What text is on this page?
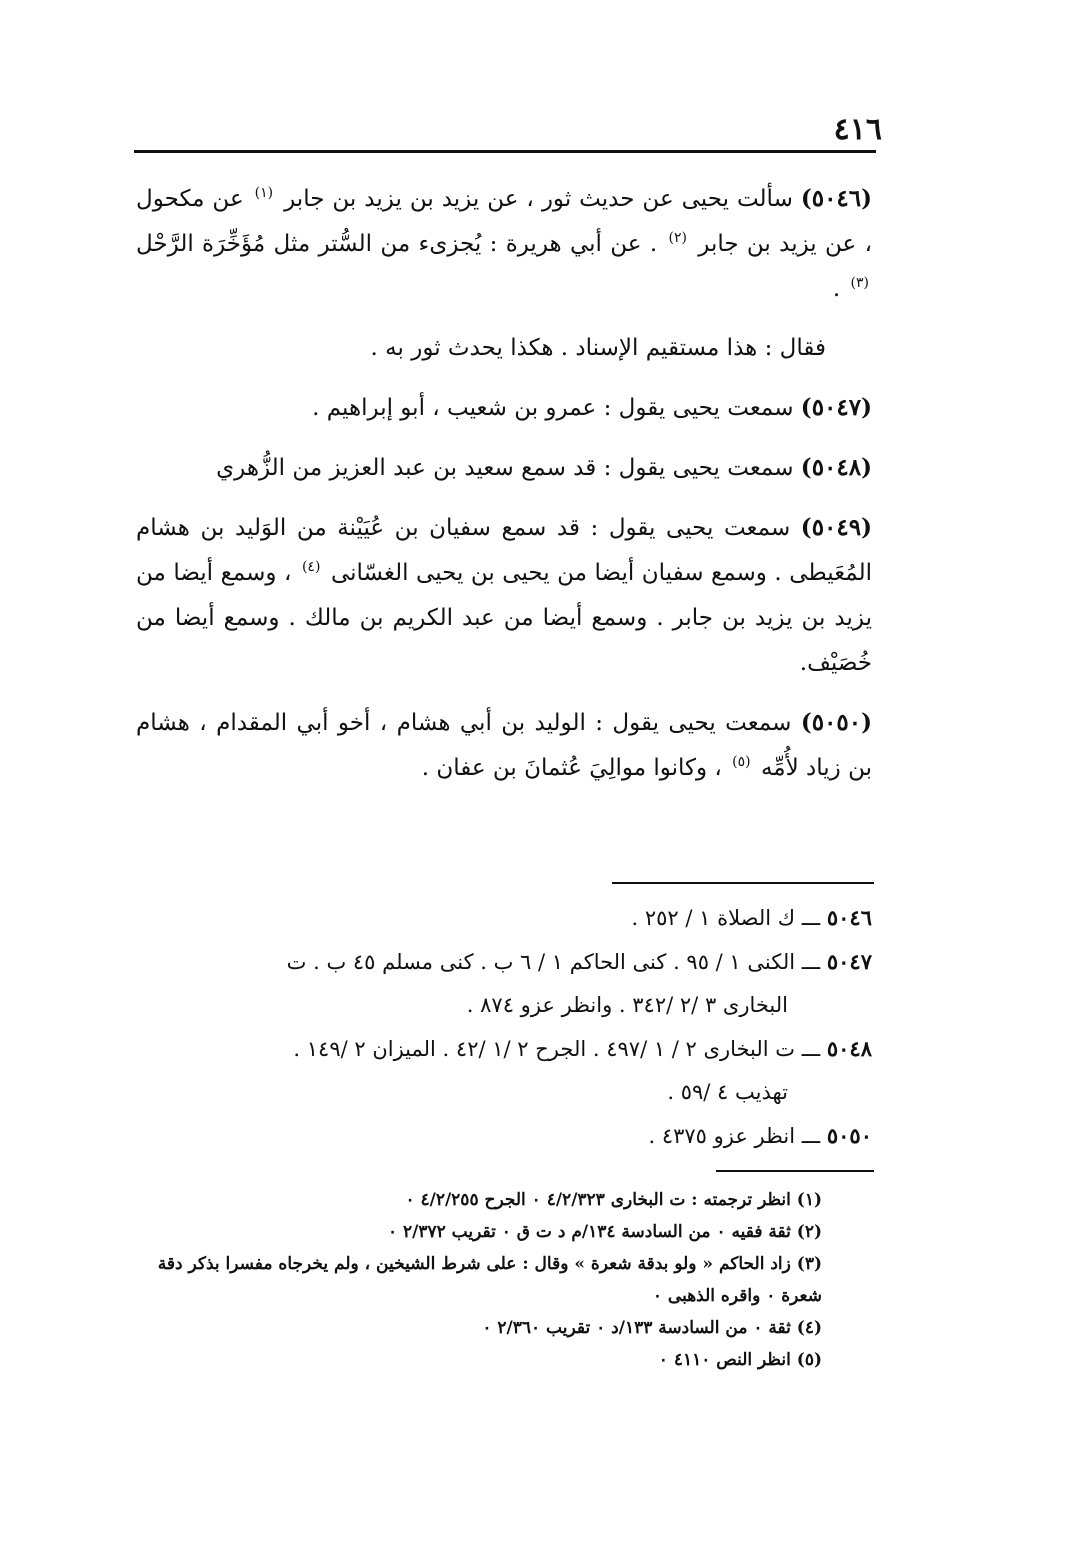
٤١٦

(٥٠٤٦) سألت يحيى عن حديث ثور ، عن يزيد بن يزيد بن جابر $^{(١)}$ عن مكحول ، عن يزيد بن جابر $^{(٢)}$ . عن أبي هريرة : يُجزىء من السُّتر مثل مُؤَخِّرَة الرَّحْل $^{(٣)}$ .

فقال : هذا مستقيم الإسناد . هكذا يحدث ثور به .

(٥٠٤٧) سمعت يحيى يقول : عمرو بن شعيب ، أبو إبراهيم .

(٥٠٤٨) سمعت يحيى يقول : قد سمع سعيد بن عبد العزيز من الزُّهري

(٥٠٤٩) سمعت يحيى يقول : قد سمع سفيان بن عُيَيْنة من الوَليد بن هشام المُعَيطى . وسمع سفيان أيضا من يحيى بن يحيى الغسّانى $^{(٤)}$ ، وسمع أيضا من يزيد بن يزيد بن جابر . وسمع أيضا من عبد الكريم بن مالك . وسمع أيضا من خُصَيْف.

(٥٠٥٠) سمعت يحيى يقول : الوليد بن أبي هشام ، أخو أبي المقدام ، هشام بن زياد لأُمِّه $^{(٥)}$ ، وكانوا موالِيَ عُثمانَ بن عفان .

٥٠٤٦ ـــ ك الصلاة ١ / ٢٥٢ .

٥٠٤٧ ـــ الكنى ١ / ٩٥ . كنى الحاكم ١ / ٦ ب . كنى مسلم ٤٥ ب . ت
البخارى ٣ /٢ /٣٤٢ . وانظر عزو ٨٧٤ .

٥٠٤٨ ـــ ت البخارى ٢ / ١ /٤٩٧ . الجرح ٢ /١ /٤٢ . الميزان ٢ /١٤٩ .
تهذيب ٤ /٥٩ .

٥٠٥٠ ـــ انظر عزو ٤٣٧٥ .

(١) انظر ترجمته : ت البخارى ٤/٢/٣٢٣ ٠ الجرح ٤/٢/٢٥٥ ٠

(٢) ثقة فقيه ٠ من السادسة ١٣٤/م د ت ق ٠ تقريب ٢/٣٧٢ ٠

(٣) زاد الحاكم « ولو بدقة شعرة » وقال : على شرط الشيخين ، ولم يخرجاه مفسرا بذكر دقة شعرة ٠ واقره الذهبى ٠

(٤) ثقة ٠ من السادسة ١٣٣/د ٠ تقريب ٢/٣٦٠ ٠

(٥) انظر النص ٤١١٠ ٠
